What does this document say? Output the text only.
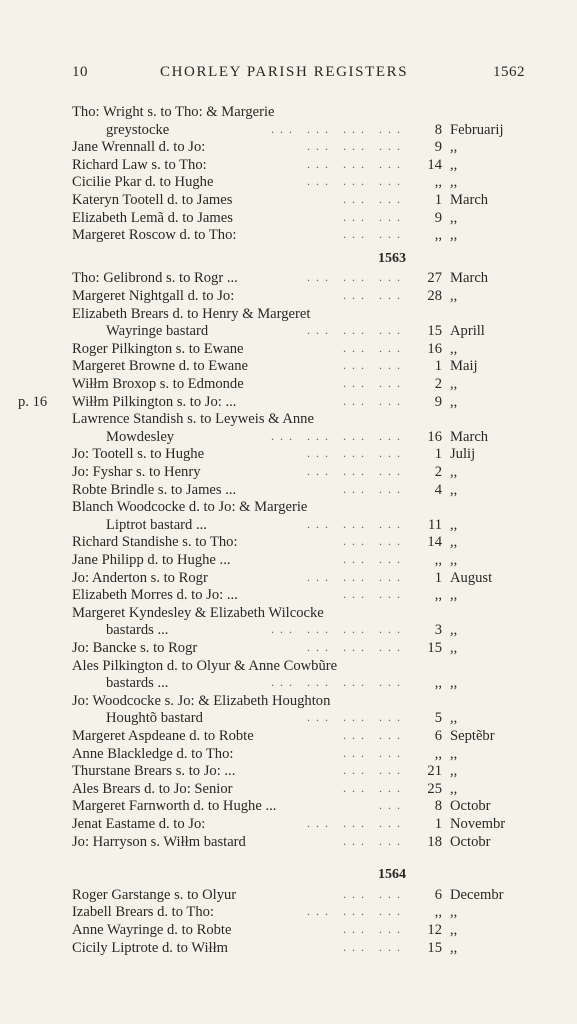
10	CHORLEY PARISH REGISTERS	1562
Tho: Wright s. to Tho: & Margerie
greystocke	... ... ... ...	8 Februarij
Jane Wrennall d. to Jo:	... ... ...	9 ,,
Richard Law s. to Tho:	... ... ...	14 ,,
Cicilie Pkar d. to Hughe	... ... ...	,, ,,
Kateryn Tootell d. to James	... ...	1 March
Elizabeth Lemã d. to James	... ...	9 ,,
Margeret Roscow d. to Tho:	... ...	,, ,,
Tho: Gelibrond s. to Rogr ...	... ... ...	27 March
Margeret Nightgall d. to Jo:	... ...	28 ,,
Elizabeth Brears d. to Henry & Margeret
Wayringe bastard	... ... ...	15 Aprill
Roger Pilkington s. to Ewane	... ...	16 ,,
Margeret Browne d. to Ewane	... ...	1 Maij
Wiłłm Broxop s. to Edmonde	... ...	2 ,,
p. 16 Wiłłm Pilkington s. to Jo: ...	... ...	9 ,,
Lawrence Standish s. to Leyweis & Anne
Mowdesley	... ... ... ...	16 March
Jo: Tootell s. to Hughe	... ... ...	1 Julij
Jo: Fyshar s. to Henry	... ... ...	2 ,,
Robte Brindle s. to James ...	... ...	4 ,,
Blanch Woodcocke d. to Jo: & Margerie
Liptrot bastard ...	... ... ...	11 ,,
Richard Standishe s. to Tho:	... ...	14 ,,
Jane Philipp d. to Hughe ...	... ...	,, ,,
Jo: Anderton s. to Rogr	... ... ...	1 August
Elizabeth Morres d. to Jo: ...	... ...	,, ,,
Margeret Kyndesley & Elizabeth Wilcocke
bastards ...	... ... ... ...	3 ,,
Jo: Bancke s. to Rogr	... ... ...	15 ,,
Ales Pilkington d. to Olyur & Anne Cowbũre
bastards ...	... ... ... ...	,, ,,
Jo: Woodcocke s. Jo: & Elizabeth Houghton
Houghtõ bastard	... ... ...	5 ,,
Margeret Aspdeane d. to Robte	... ...	6 Septẽbr
Anne Blackledge d. to Tho:	... ...	,, ,,
Thurstane Brears s. to Jo: ...	... ...	21 ,,
Ales Brears d. to Jo: Senior	... ...	25 ,,
Margeret Farnworth d. to Hughe ...	...	8 Octobr
Jenat Eastame d. to Jo:	... ... ...	1 Novembr
Jo: Harryson s. Wiłłm bastard	... ...	18 Octobr
Roger Garstange s. to Olyur	... ...	6 Decembr
Izabell Brears d. to Tho:	... ... ...	,, ,,
Anne Wayringe d. to Robte	... ...	12 ,,
Cicily Liptrote d. to Wiłłm	... ...	15 ,,
1563
1564
